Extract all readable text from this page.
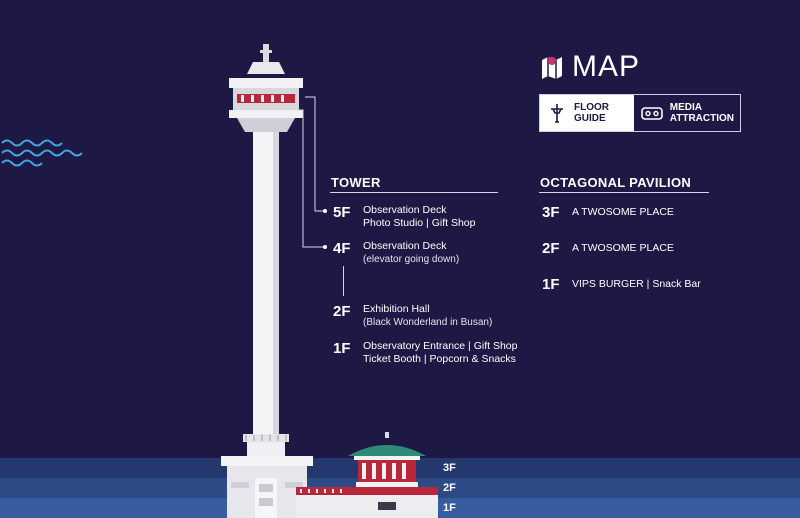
MAP
FLOOR
GUIDE
MEDIA
ATTRACTION
TOWER
5F Observation Deck
Photo Studio | Gift Shop
4F Observation Deck
(elevator going down)
2F Exhibition Hall
(Black Wonderland in Busan)
1F Observatory Entrance | Gift Shop
Ticket Booth | Popcorn & Snacks
OCTAGONAL PAVILION
3F A TWOSOME PLACE
2F A TWOSOME PLACE
1F VIPS BURGER | Snack Bar
3F
2F
1F
